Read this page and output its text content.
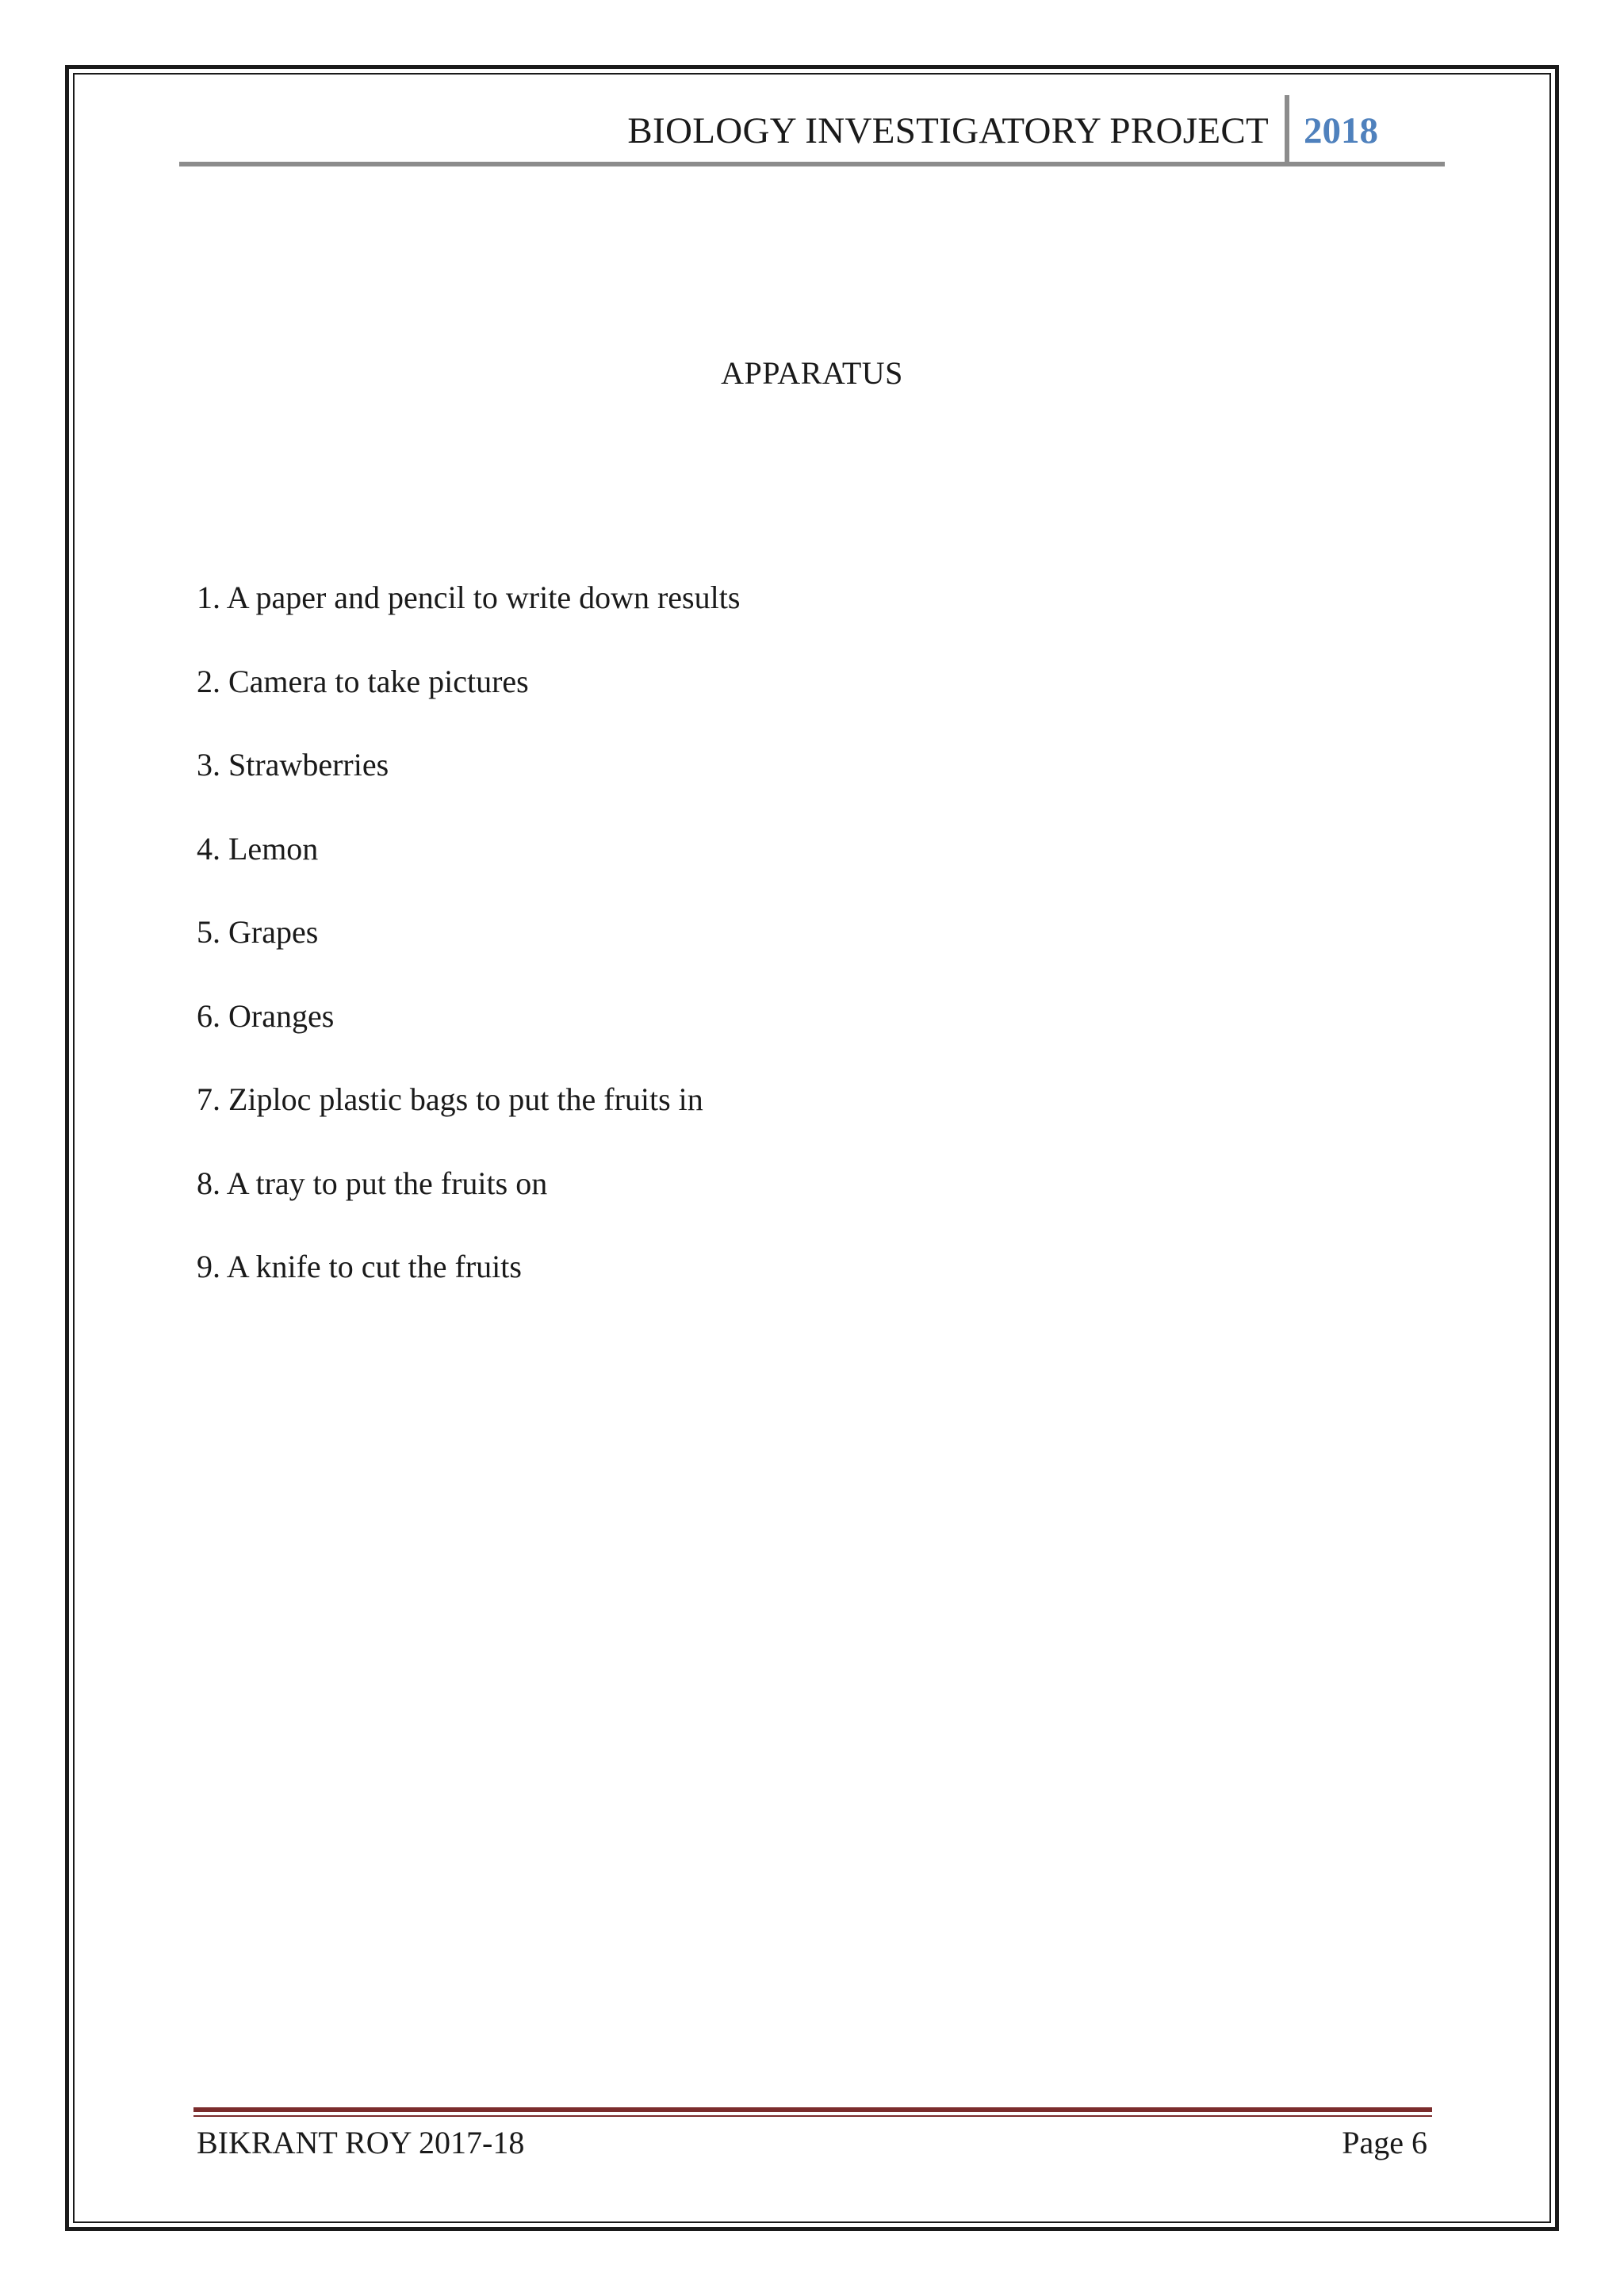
BIOLOGY INVESTIGATORY PROJECT 2018
APPARATUS
1. A paper and pencil to write down results
2. Camera to take pictures
3. Strawberries
4. Lemon
5. Grapes
6. Oranges
7. Ziploc plastic bags to put the fruits in
8. A tray to put the fruits on
9. A knife to cut the fruits
BIKRANT ROY 2017-18	Page 6
